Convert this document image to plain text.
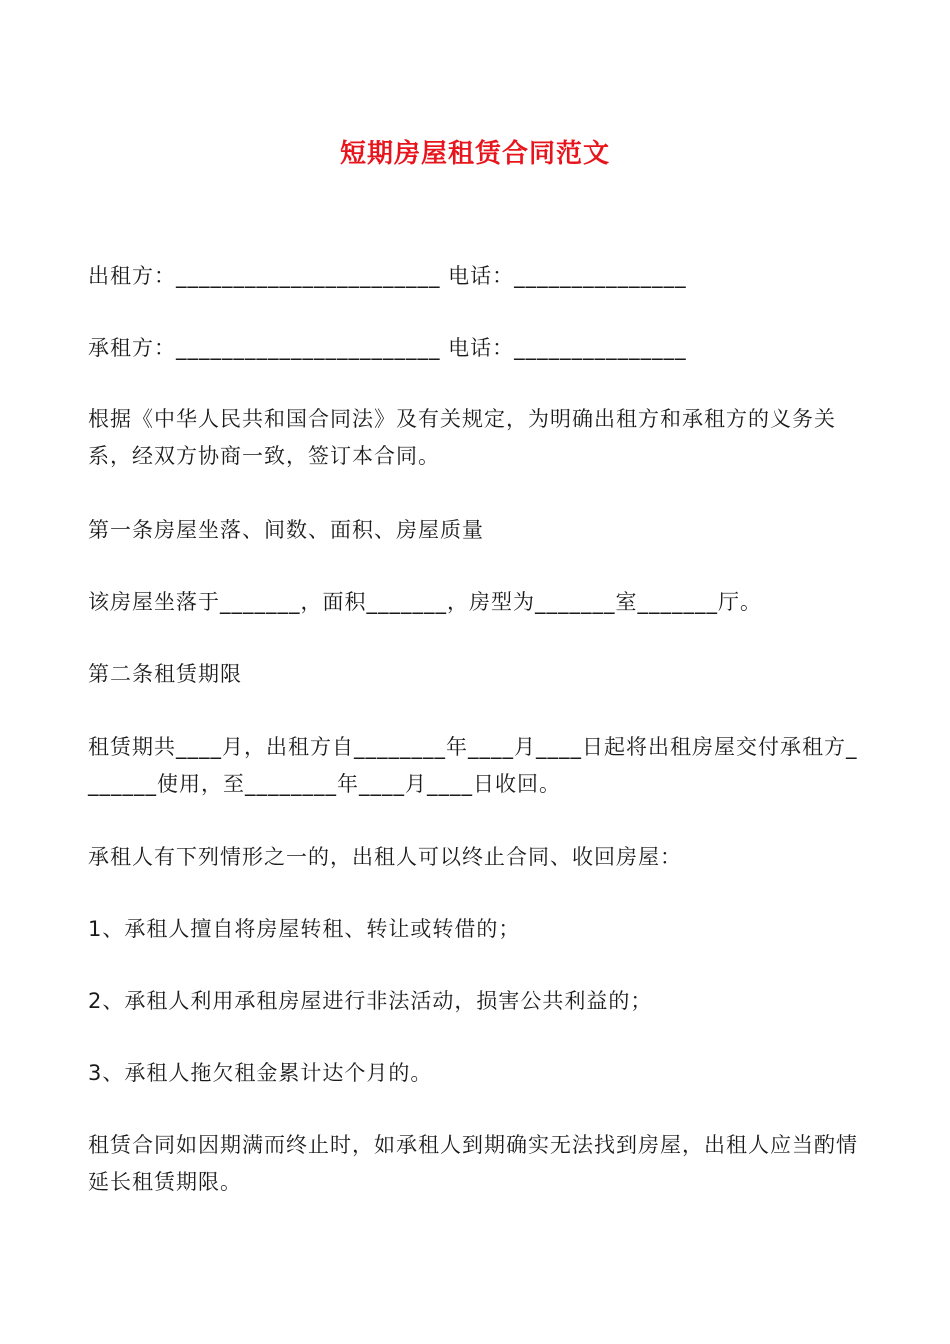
短期房屋租赁合同范文

出租方：_______________________ 电话：_______________

承租方：_______________________ 电话：_______________

根据《中华人民共和国合同法》及有关规定，为明确出租方和承租方的义务关系，经双方协商一致，签订本合同。

第一条房屋坐落、间数、面积、房屋质量

该房屋坐落于_______，面积_______，房型为_______室_______厅。

第二条租赁期限

租赁期共____月，出租方自________年____月____日起将出租房屋交付承租方_

______使用，至________年____月____日收回。

承租人有下列情形之一的，出租人可以终止合同、收回房屋：

1、承租人擅自将房屋转租、转让或转借的；

2、承租人利用承租房屋进行非法活动，损害公共利益的；

3、承租人拖欠租金累计达个月的。

租赁合同如因期满而终止时，如承租人到期确实无法找到房屋，出租人应当酌情延长租赁期限。
